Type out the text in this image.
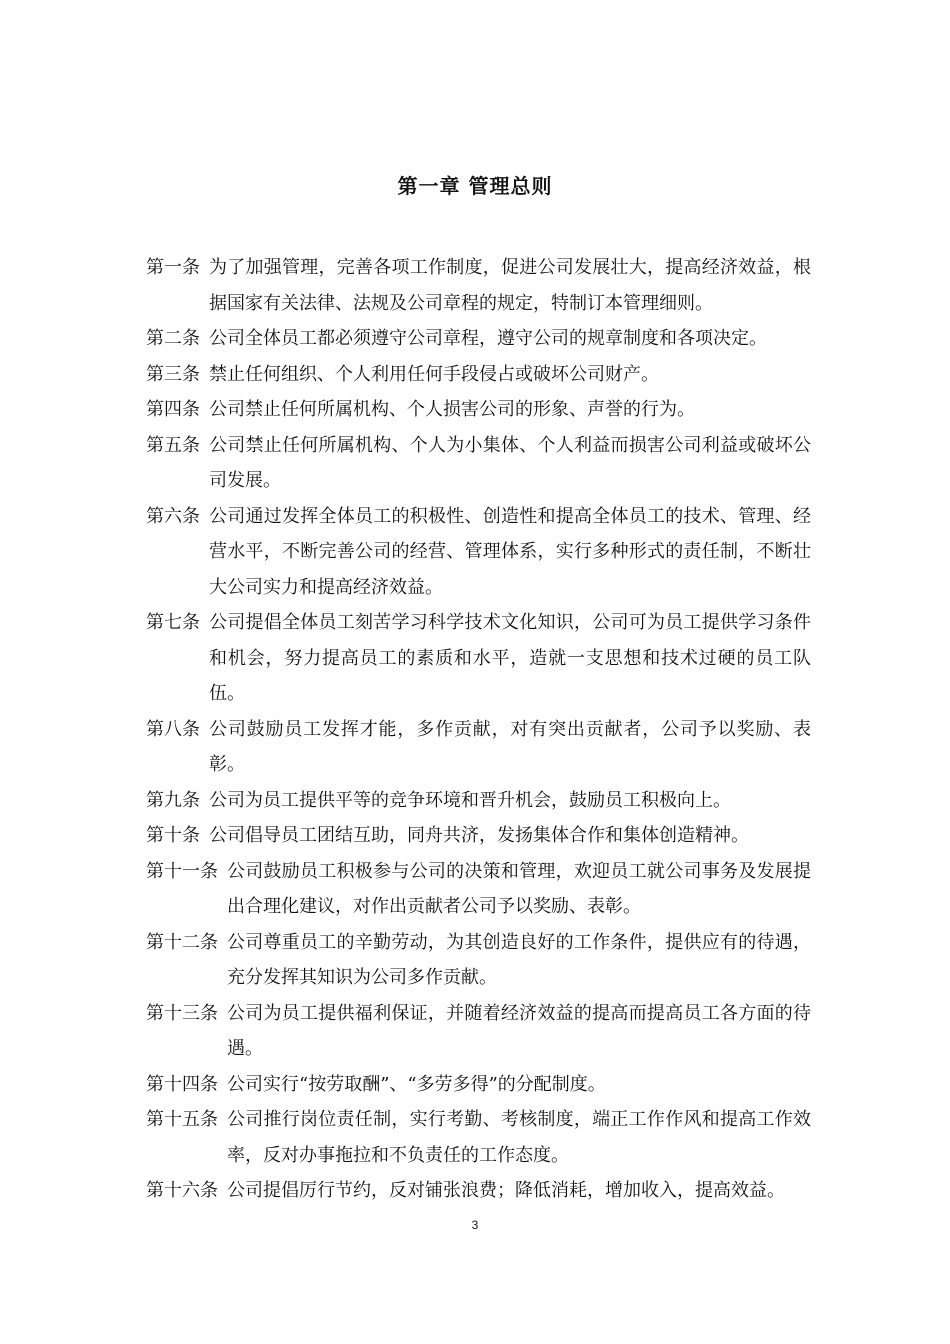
第一章 管理总则
第一条 为了加强管理，完善各项工作制度，促进公司发展壮大，提高经济效益，根据国家有关法律、法规及公司章程的规定，特制订本管理细则。
第二条 公司全体员工都必须遵守公司章程，遵守公司的规章制度和各项决定。
第三条 禁止任何组织、个人利用任何手段侵占或破坏公司财产。
第四条 公司禁止任何所属机构、个人损害公司的形象、声誉的行为。
第五条 公司禁止任何所属机构、个人为小集体、个人利益而损害公司利益或破坏公司发展。
第六条 公司通过发挥全体员工的积极性、创造性和提高全体员工的技术、管理、经营水平，不断完善公司的经营、管理体系，实行多种形式的责任制，不断壮大公司实力和提高经济效益。
第七条 公司提倡全体员工刻苦学习科学技术文化知识，公司可为员工提供学习条件和机会，努力提高员工的素质和水平，造就一支思想和技术过硬的员工队伍。
第八条 公司鼓励员工发挥才能，多作贡献，对有突出贡献者，公司予以奖励、表彰。
第九条 公司为员工提供平等的竞争环境和晋升机会，鼓励员工积极向上。
第十条 公司倡导员工团结互助，同舟共济，发扬集体合作和集体创造精神。
第十一条 公司鼓励员工积极参与公司的决策和管理，欢迎员工就公司事务及发展提出合理化建议，对作出贡献者公司予以奖励、表彰。
第十二条 公司尊重员工的辛勤劳动，为其创造良好的工作条件，提供应有的待遇，充分发挥其知识为公司多作贡献。
第十三条 公司为员工提供福利保证，并随着经济效益的提高而提高员工各方面的待遇。
第十四条 公司实行“按劳取酬”、“多劳多得”的分配制度。
第十五条 公司推行岗位责任制，实行考勤、考核制度，端正工作作风和提高工作效率，反对办事拖拉和不负责任的工作态度。
第十六条 公司提倡厉行节约，反对铺张浪费；降低消耗，增加收入，提高效益。
3
